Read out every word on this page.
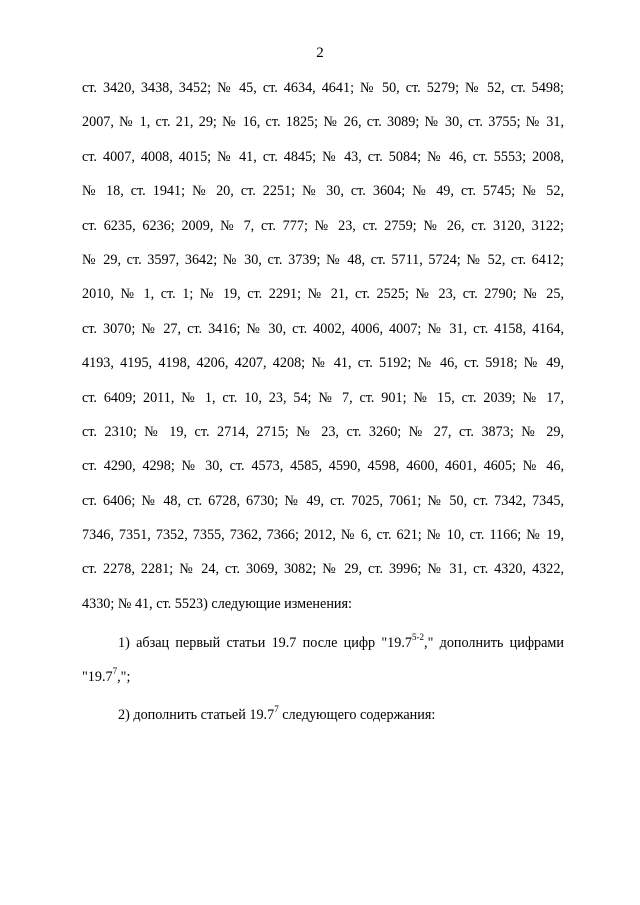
2
ст. 3420, 3438, 3452; № 45, ст. 4634, 4641; № 50, ст. 5279; № 52, ст. 5498;
2007, № 1, ст. 21, 29; № 16, ст. 1825; № 26, ст. 3089; № 30, ст. 3755; № 31,
ст. 4007, 4008, 4015; № 41, ст. 4845; № 43, ст. 5084; № 46, ст. 5553; 2008,
№ 18, ст. 1941; № 20, ст. 2251; № 30, ст. 3604; № 49, ст. 5745; № 52,
ст. 6235, 6236; 2009, № 7, ст. 777; № 23, ст. 2759; № 26, ст. 3120, 3122;
№ 29, ст. 3597, 3642; № 30, ст. 3739; № 48, ст. 5711, 5724; № 52, ст. 6412;
2010, № 1, ст. 1; № 19, ст. 2291; № 21, ст. 2525; № 23, ст. 2790; № 25,
ст. 3070; № 27, ст. 3416; № 30, ст. 4002, 4006, 4007; № 31, ст. 4158, 4164,
4193, 4195, 4198, 4206, 4207, 4208; № 41, ст. 5192; № 46, ст. 5918; № 49,
ст. 6409; 2011, № 1, ст. 10, 23, 54; № 7, ст. 901; № 15, ст. 2039; № 17,
ст. 2310; № 19, ст. 2714, 2715; № 23, ст. 3260; № 27, ст. 3873; № 29,
ст. 4290, 4298; № 30, ст. 4573, 4585, 4590, 4598, 4600, 4601, 4605; № 46,
ст. 6406; № 48, ст. 6728, 6730; № 49, ст. 7025, 7061; № 50, ст. 7342, 7345,
7346, 7351, 7352, 7355, 7362, 7366; 2012, № 6, ст. 621; № 10, ст. 1166; № 19,
ст. 2278, 2281; № 24, ст. 3069, 3082; № 29, ст. 3996; № 31, ст. 4320, 4322,
4330; № 41, ст. 5523) следующие изменения:
1) абзац первый статьи 19.7 после цифр "19.7$^{5-2}$," дополнить цифрами
"19.7$^7$,";
2) дополнить статьей 19.7$^7$ следующего содержания:
